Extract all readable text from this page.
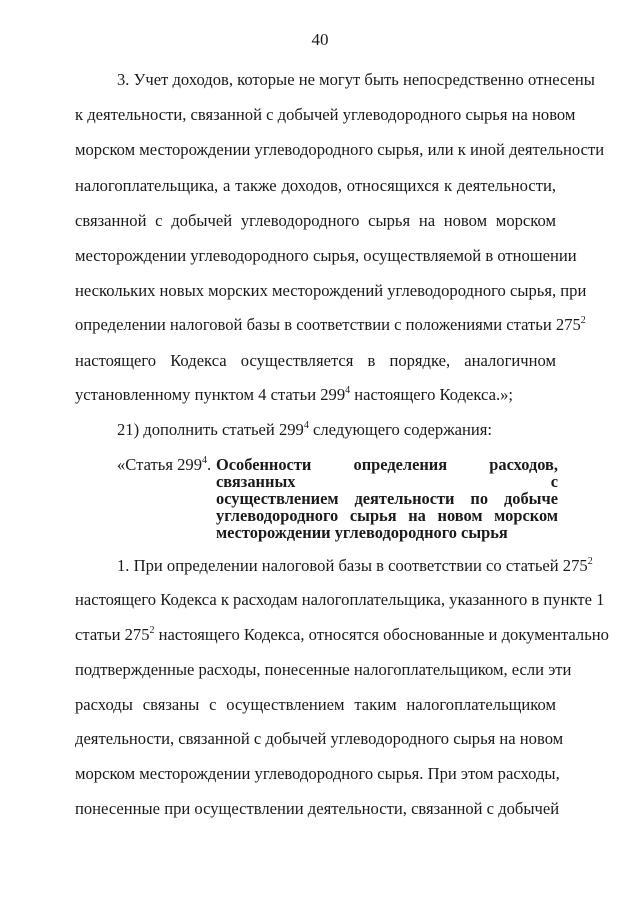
40
3. Учет доходов, которые не могут быть непосредственно отнесены
к деятельности, связанной с добычей углеводородного сырья на новом
морском месторождении углеводородного сырья, или к иной деятельности
налогоплательщика, а также доходов, относящихся к деятельности,
связанной с добычей углеводородного сырья на новом морском
месторождении углеводородного сырья, осуществляемой в отношении
нескольких новых морских месторождений углеводородного сырья, при
определении налоговой базы в соответствии с положениями статьи $275^2$
настоящего Кодекса осуществляется в порядке, аналогичном
установленному пунктом 4 статьи $299^4$ настоящего Кодекса.»;
21) дополнить статьей $299^4$ следующего содержания:
«Статья $299^4$. Особенности определения расходов, связанных с
осуществлением деятельности по добыче
углеводородного сырья на новом морском
месторождении углеводородного сырья
1. При определении налоговой базы в соответствии со статьей $275^2$
настоящего Кодекса к расходам налогоплательщика, указанного в пункте 1
статьи $275^2$ настоящего Кодекса, относятся обоснованные и документально
подтвержденные расходы, понесенные налогоплательщиком, если эти
расходы связаны с осуществлением таким налогоплательщиком
деятельности, связанной с добычей углеводородного сырья на новом
морском месторождении углеводородного сырья. При этом расходы,
понесенные при осуществлении деятельности, связанной с добычей
